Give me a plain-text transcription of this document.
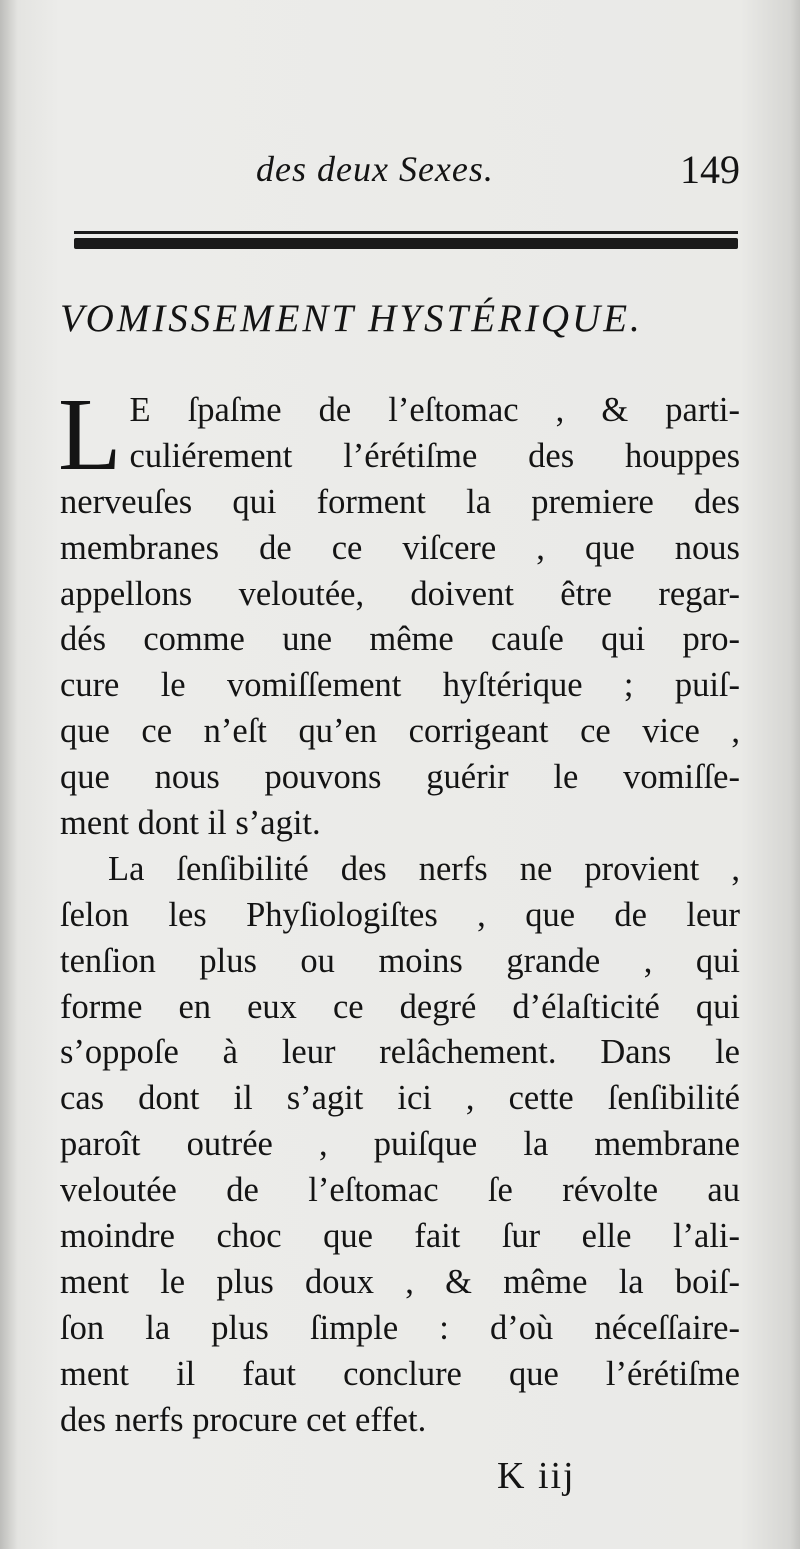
des deux Sexes.	149
VOMISSEMENT HYSTÉRIQUE.
L E ſpaſme de l’eſtomac , & parti-
culiérement l’érétiſme des houppes
nerveuſes qui forment la premiere des
membranes de ce viſcere , que nous
appellons veloutée, doivent être regar-
dés comme une même cauſe qui pro-
cure le vomiſſement hyſtérique ; puiſ-
que ce n’eſt qu’en corrigeant ce vice ,
que nous pouvons guérir le vomiſſe-
ment dont il s’agit.
La ſenſibilité des nerfs ne provient ,
ſelon les Phyſiologiſtes , que de leur
tenſion plus ou moins grande , qui
forme en eux ce degré d’élaſticité qui
s’oppoſe à leur relâchement. Dans le
cas dont il s’agit ici , cette ſenſibilité
paroît outrée , puiſque la membrane
veloutée de l’eſtomac ſe révolte au
moindre choc que fait ſur elle l’ali-
ment le plus doux , & même la boiſ-
ſon la plus ſimple : d’où néceſſaire-
ment il faut conclure que l’érétiſme
des nerfs procure cet effet.
K iij
